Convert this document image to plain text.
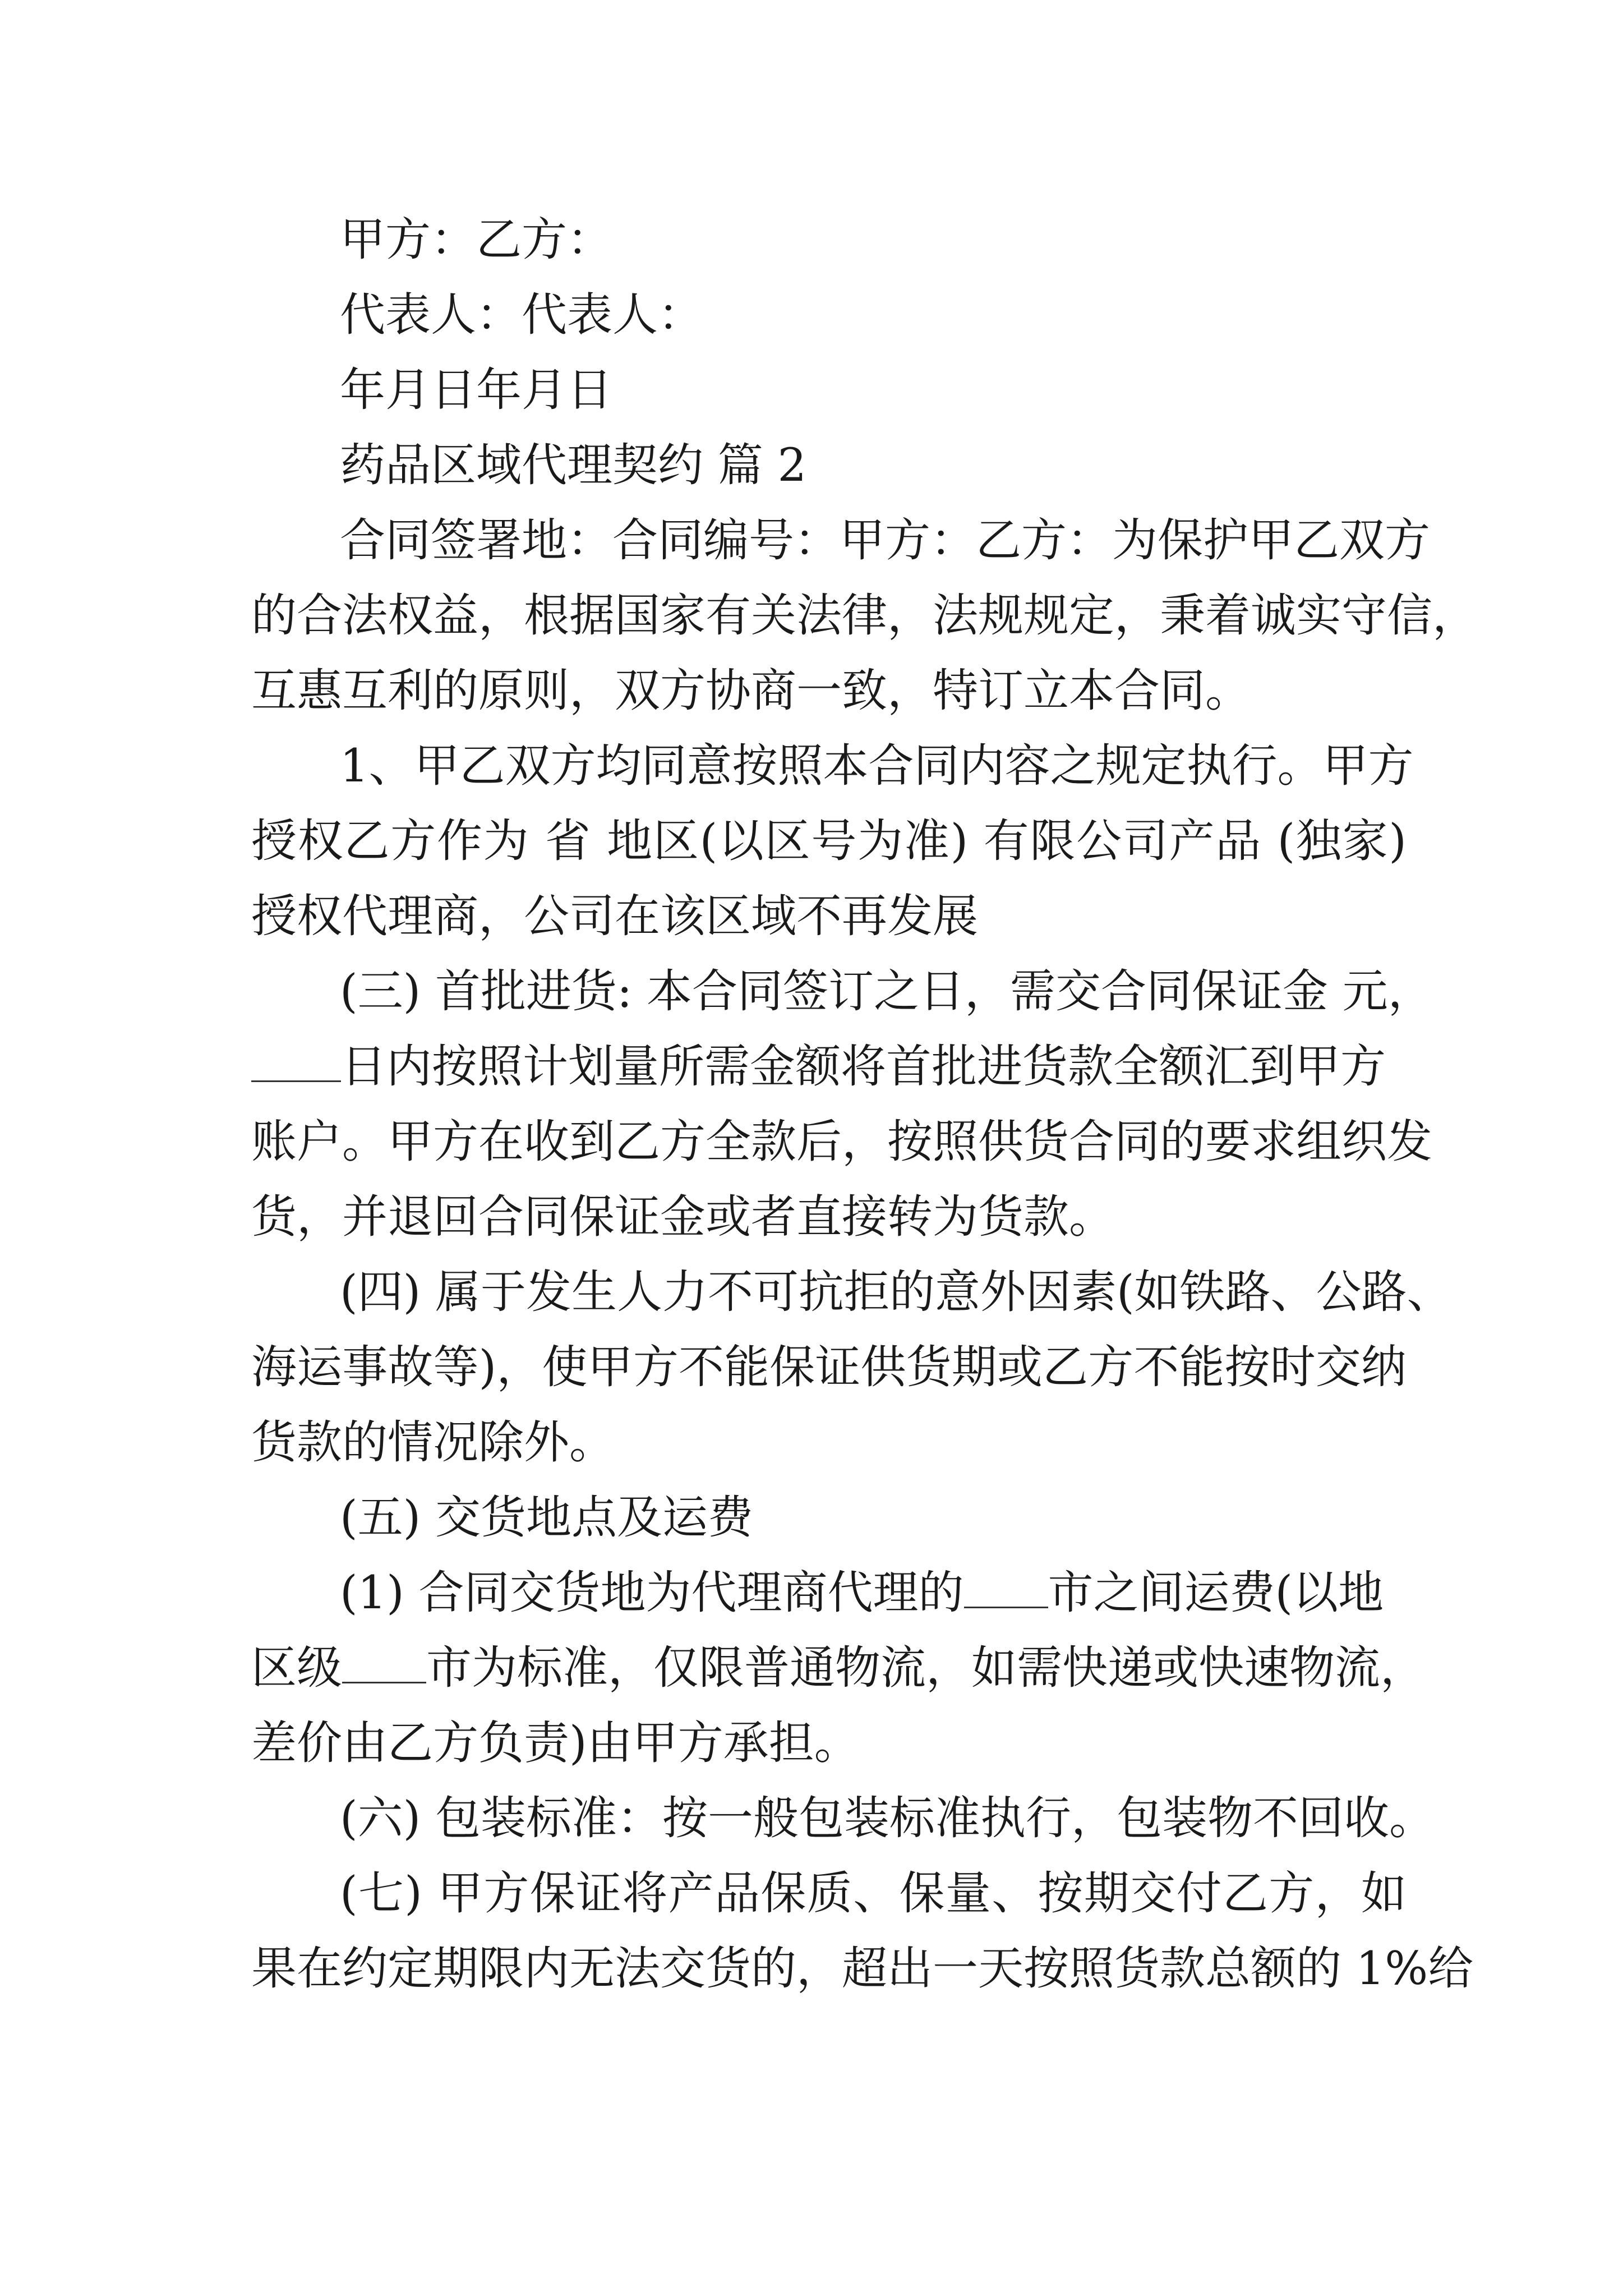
甲方：乙方：
代表人：代表人：
年月日年月日
药品区域代理契约 篇 2
合同签署地：合同编号：甲方：乙方：为保护甲乙双方
的合法权益，根据国家有关法律，法规规定，秉着诚实守信，
互惠互利的原则，双方协商一致，特订立本合同。
1、甲乙双方均同意按照本合同内容之规定执行。甲方
授权乙方作为 省 地区(以区号为准) 有限公司产品 (独家)
授权代理商，公司在该区域不再发展
(三) 首批进货: 本合同签订之日，需交合同保证金 元，
日内按照计划量所需金额将首批进货款全额汇到甲方
账户。甲方在收到乙方全款后，按照供货合同的要求组织发
货，并退回合同保证金或者直接转为货款。
(四) 属于发生人力不可抗拒的意外因素(如铁路、公路、
海运事故等)，使甲方不能保证供货期或乙方不能按时交纳
货款的情况除外。
(五) 交货地点及运费
(1) 合同交货地为代理商代理的 市之间运费(以地
区级 市为标准，仅限普通物流，如需快递或快速物流，
差价由乙方负责)由甲方承担。
(六) 包装标准：按一般包装标准执行，包装物不回收。
(七) 甲方保证将产品保质、保量、按期交付乙方，如
果在约定期限内无法交货的，超出一天按照货款总额的 1%给
